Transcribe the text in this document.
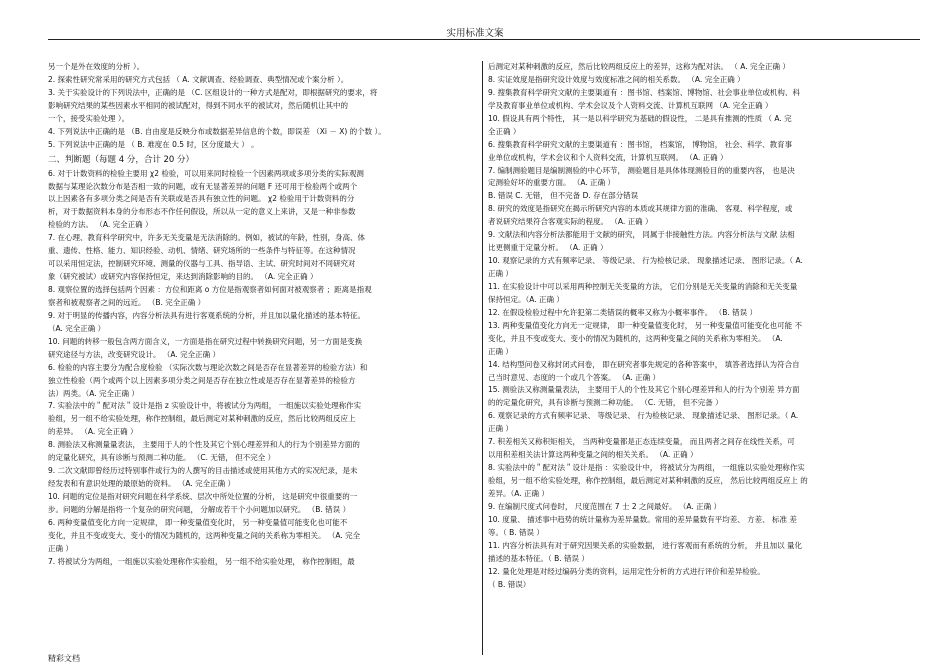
实用标准文案
另一个是外在效度的分析 ）。
2. 探索性研究常采用的研究方式包括 （ A. 文献调查、经验调查、典型情况或个案分析 ）。
3. 关于实验设计的下列说法中，正确的是 （C. 区组设计的一种方式是配对，即根据研究的要求，将
影响研究结果的某些因素水平相同的被试配对，得到不同水平的被试对，然后随机让其中的
一个，接受实验处理 ）。
4. 下列说法中正确的是 （B. 自由度是反映分布或数据差异信息的个数，即误差 （Xi － X) 的个数 ）。
5. 下列说法中正确的是 （ B. 难度在 0.5 时，区分度最大 ） 。
二、判断题（每题 4 分，合计 20 分）
6. 对于计数资料的检验主要用 χ2 检验，可以用来同时检验一个因素两项或多项分类的实际观测
数据与某理论次数分布是否相一致的问题，或有无显著差异的问题 F 还可用于检验两个或两个
以上因素各有多项分类之间是否有关联或是否具有独立性的问题。 χ2 检验用于计数资料的分
析，对于数据资料本身的分布形态不作任何假设，所以从一定的意义上来讲，又是一种非参数
检验的方法。 （A. 完全正确 ）
7. 在心理、教育科学研究中，许多无关变量是无法消除的。例如，被试的年龄，性别，身高、体
重、遗传、性格、能力、知识经验、动机、情绪、研究场所的一些条件与特征等。在这种情况
可以采用恒定法，控制研究环境、测量的仪器与工具、指导语、主试、研究时间对不同研究对
象（研究被试）或研究内容保持恒定，来达到消除影响的目的。 （A. 完全正确 ）
8. 观察位置的选择包括两个因素 ：方位和距离 o 方位是指观察者如何面对被观察者 ；距离是指观
察者和被观察者之间的远近。 （B. 完全正确 ）
9. 对于明显的传播内容，内容分析法具有进行客观系统的分析，并且加以量化描述的基本特征。
（A. 完全正确 ）
10. 问题的转移一般包含两方面含义，一方面是指在研究过程中转换研究问题，另一方面是变换
研究途径与方法，改变研究设计。 （A. 完全正确 ）
6. 检验的内容主要分为配合度检验 （实际次数与理论次数之间是否存在显著差异的检验方法）和
独立性检验（两个或两个以上因素多项分类之间是否存在独立性或是否存在显著差异的检验方
法）两类。（A. 完全正确 ）
7. 实验法中的＂配对法＂设计是指 z 实验设计中，将被试分为两组， 一组施以实验处理称作实
验组，另一组不给实验处理，称作控制组，最后测定对某种刺激的反应，然后比较两组反应上
的差异。 （A. 完全正确 ）
8. 测验法又称测量量表法， 主要用于人的个性及其它个别心理差异和人的行为个别差异方面的
的定量化研究，具有诊断与预测二种功能。 （C. 无错， 但不完全 ）
9. 二次文献即曾经历过特别事件或行为的人撰写的目击描述或使用其他方式的实况纪录，是未
经发表和有意识处理的最原始的资料。 （A. 完全正确 ）
10. 问题的定位是指对研究问题在科学系统、层次中所处位置的分析， 这是研究中很重要的一
步。问题的分解是指将一个复杂的研究问题， 分解成若干个小问题加以研究。 （B. 错误 ）
6. 两种变量值变化方向一定规律， 即一种变量值变化时， 另一种变量值可能变化也可能不
变化，并且不变或变大、变小的情况为随机的，这两种变量之间的关系称为零相关。 （A. 完全
正确 ）
7. 将被试分为两组，一组施以实验处理称作实验组， 另一组不给实验处理， 称作控制组，最
后测定对某种刺激的反应，然后比较两组反应上的差异，这称为配对法。 （ A. 完全正确 ）
8. 实证效度是指研究设计效度与效度标准之间的相关系数。 （A. 完全正确 ）
9. 搜集教育科学研究文献的主要渠道有 ：图书馆、档案馆、博物馆、社会事业单位或机构、科
学及教育事业单位或机构、学术会议及个人资料交流、计算机互联网 （A. 完全正确 ）
10. 假设具有两个特性， 其一是以科学研究为基础的假设性， 二是具有推测的性质 （ A. 完
全正确 ）
6. 搜集教育科学研究文献的主要渠道有 ：图书馆， 档案馆， 博物馆， 社会、科学、教育事
业单位或机构，学术会议和个人资料交流，计算机互联网。 （A. 正确 ）
7. 编制测验题目是编制测验的中心环节， 测验题目是具体体现测验目的的重要内容， 也是决
定测验好坏的重要方面。 （A. 正确 ）
B. 错误 C. 无错， 但不完备 D. 存在部分错误
8. 研究的效度是指研究在揭示所研究内容的本质或其规律方面的准确、 客观、科学程度，或
者说研究结果符合客观实际的程度。 （A. 正确 ）
9. 文献法和内容分析法都能用于文献的研究， 同属于非接触性方法。内容分析法与文献 法相
比更侧重于定量分析。 （A. 正确 ）
10. 观察记录的方式有频率记录、 等级记录、 行为检核记录、 现象描述记录、 图形记录。（ A.
正确 ）
11. 在实验设计中可以采用两种控制无关变量的方法， 它们分别是无关变量的消除和无关变量
保持恒定。（A. 正确 ）
12. 在假设检验过程中允许犯第二类错误的概率又称为小概率事件。 （B. 错误 ）
13. 两种变量值变化方向无一定规律， 即一种变量值变化时， 另一种变量值可能变化也可能 不
变化，并且不变或变大、变小的情况为随机的，这两种变量之间的关系称为零相关。 （A.
正确 ）
14. 结构型问卷又称封闭式问卷， 即在研究者事先规定的各种答案中， 填答者选择认为符合自
己当时意见、态度的一个或几个答案。 （A. 正确 ）
15. 测验法又称测量量表法， 主要用于人的个性及其它个别心理差异和人的行为个别差 异方面
的的定量化研究，具有诊断与预测二种功能。 （C. 无错， 但不完备 ）
6. 观察记录的方式有频率记录、 等级记录、 行为检核记录、 现象描述记录、 图形记录。（ A.
正确 ）
7. 积差相关又称积矩相关， 当两种变量都是正态连续变量， 而且两者之间存在线性关系，可
以用积差相关法计算这两种变量之间的相关关系。 （A. 正确 ）
8. 实验法中的＂配对法＂设计是指 ：实验设计中， 将被试分为两组， 一组施以实验处理称作实
验组，另一组不给实验处理，称作控制组，最后测定对某种刺激的反应， 然后比较两组反应上 的
差异。（A. 正确 ）
9. 在编制尺度式问卷时， 尺度范围在 7 士 2 之间最好。 （A. 正确 ）
10. 度量、 描述事中趋势的统计量称为差异量数。常用的差异量数有平均差、 方差、 标准 差
等。（ B. 错误 ）
11. 内容分析法具有对于研究因果关系的实验数据， 进行客观而有系统的分析， 并且加以 量化
描述的基本特征。（ B. 错误 ）
12. 量化处理是对经过编码分类的资料，运用定性分析的方式进行评价和差异检验。
（ B. 错误）
精彩文档
